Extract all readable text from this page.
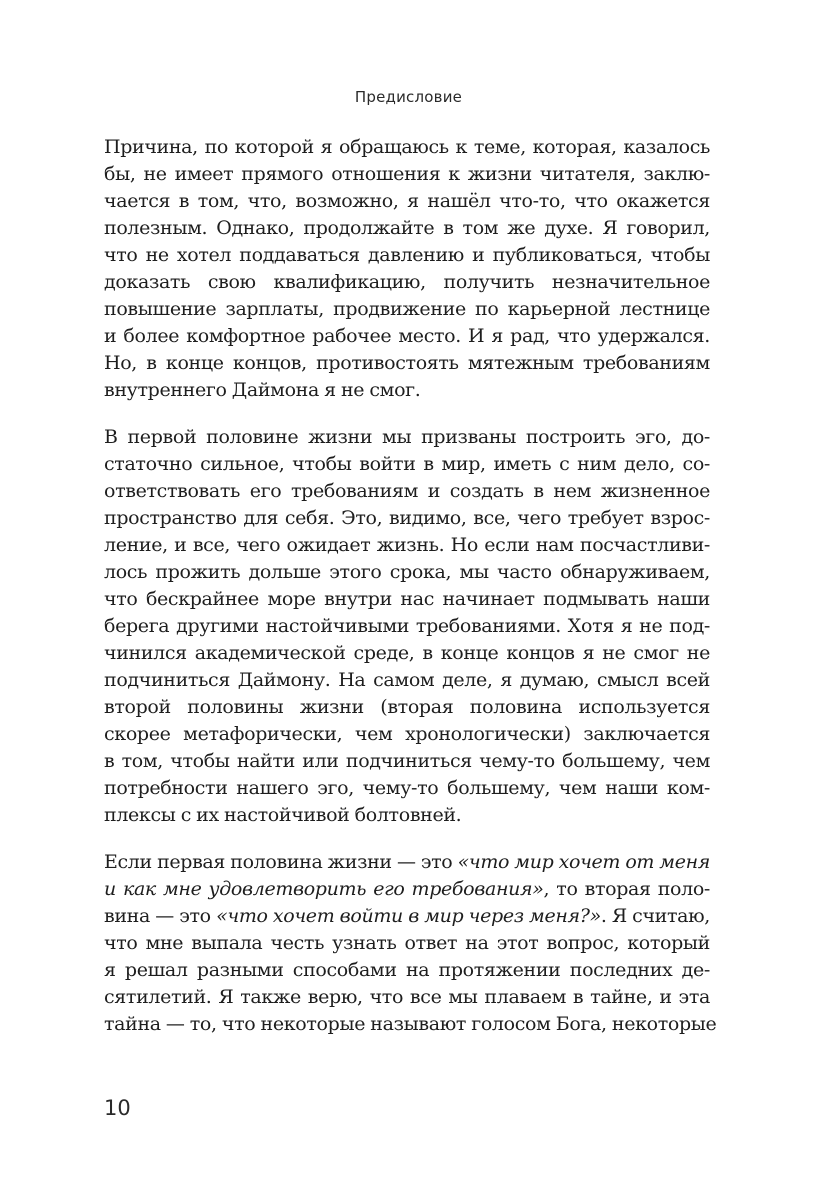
Предисловие

Причина, по которой я обращаюсь к теме, которая, казалось
бы, не имеет прямого отношения к жизни читателя, заклю-
чается в том, что, возможно, я нашёл что-то, что окажется
полезным. Однако, продолжайте в том же духе. Я говорил,
что не хотел поддаваться давлению и публиковаться, чтобы
доказать свою квалификацию, получить незначительное
повышение зарплаты, продвижение по карьерной лестнице
и более комфортное рабочее место. И я рад, что удержался.
Но, в конце концов, противостоять мятежным требованиям
внутреннего Даймона я не смог.

В первой половине жизни мы призваны построить эго, до-
статочно сильное, чтобы войти в мир, иметь с ним дело, со-
ответствовать его требованиям и создать в нем жизненное
пространство для себя. Это, видимо, все, чего требует взрос-
ление, и все, чего ожидает жизнь. Но если нам посчастливи-
лось прожить дольше этого срока, мы часто обнаруживаем,
что бескрайнее море внутри нас начинает подмывать наши
берега другими настойчивыми требованиями. Хотя я не под-
чинился академической среде, в конце концов я не смог не
подчиниться Даймону. На самом деле, я думаю, смысл всей
второй половины жизни (вторая половина используется
скорее метафорически, чем хронологически) заключается
в том, чтобы найти или подчиниться чему-то большему, чем
потребности нашего эго, чему-то большему, чем наши ком-
плексы с их настойчивой болтовней.

Если первая половина жизни — это «что мир хочет от меня
и как мне удовлетворить его требования», то вторая поло-
вина — это «что хочет войти в мир через меня?». Я считаю,
что мне выпала честь узнать ответ на этот вопрос, который
я решал разными способами на протяжении последних де-
сятилетий. Я также верю, что все мы плаваем в тайне, и эта
тайна — то, что некоторые называют голосом Бога, некоторые

10
